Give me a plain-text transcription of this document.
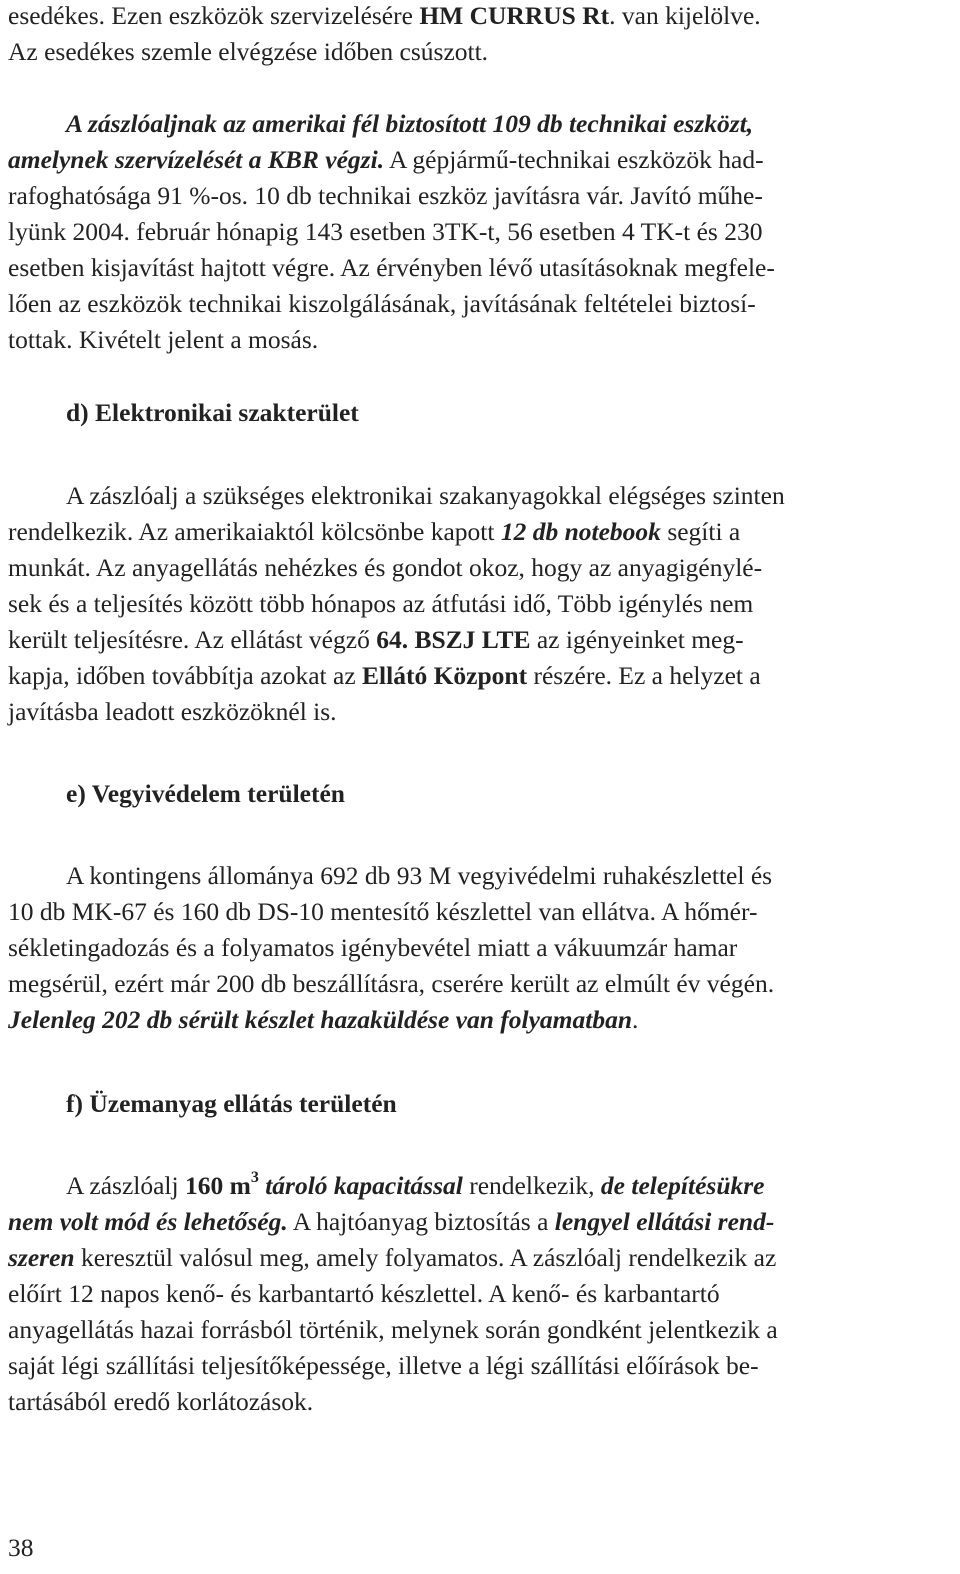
esedékes. Ezen eszközök szervizelésére HM CURRUS Rt. van kijelölve.
Az esedékes szemle elvégzése időben csúszott.
A zászlóaljnak az amerikai fél biztosított 109 db technikai eszközt,
amelynek szervízelését a KBR végzi. A gépjármű-technikai eszközök had-
rafoghatósága 91 %-os. 10 db technikai eszköz javításra vár. Javító műhe-
lyünk 2004. február hónapig 143 esetben 3TK-t, 56 esetben 4 TK-t és 230
esetben kisjavítást hajtott végre. Az érvényben lévő utasításoknak megfele-
lően az eszközök technikai kiszolgálásának, javításának feltételei biztosí-
tottak. Kivételt jelent a mosás.
d) Elektronikai szakterület
A zászlóalj a szükséges elektronikai szakanyagokkal elégséges szinten
rendelkezik. Az amerikaiaktól kölcsönbe kapott 12 db notebook segíti a
munkát. Az anyagellátás nehézkes és gondot okoz, hogy az anyagigénylé-
sek és a teljesítés között több hónapos az átfutási idő, Több igénylés nem
került teljesítésre. Az ellátást végző 64. BSZJ LTE az igényeinket meg-
kapja, időben továbbítja azokat az Ellátó Központ részére. Ez a helyzet a
javításba leadott eszközöknél is.
e) Vegyivédelem területén
A kontingens állománya 692 db 93 M vegyivédelmi ruhakészlettel és
10 db MK-67 és 160 db DS-10 mentesítő készlettel van ellátva. A hőmér-
sékletingadozás és a folyamatos igénybevétel miatt a vákuumzár hamar
megsérül, ezért már 200 db beszállításra, cserére került az elmúlt év végén.
Jelenleg 202 db sérült készlet hazaküldése van folyamatban.
f) Üzemanyag ellátás területén
A zászlóalj 160 $m^3$ tároló kapacitással rendelkezik, de telepítésükre
nem volt mód és lehetőség. A hajtóanyag biztosítás a lengyel ellátási rend-
szeren keresztül valósul meg, amely folyamatos. A zászlóalj rendelkezik az
előírt 12 napos kenő- és karbantartó készlettel. A kenő- és karbantartó
anyagellátás hazai forrásból történik, melynek során gondként jelentkezik a
saját légi szállítási teljesítőképessége, illetve a légi szállítási előírások be-
tartásából eredő korlátozások.
38
